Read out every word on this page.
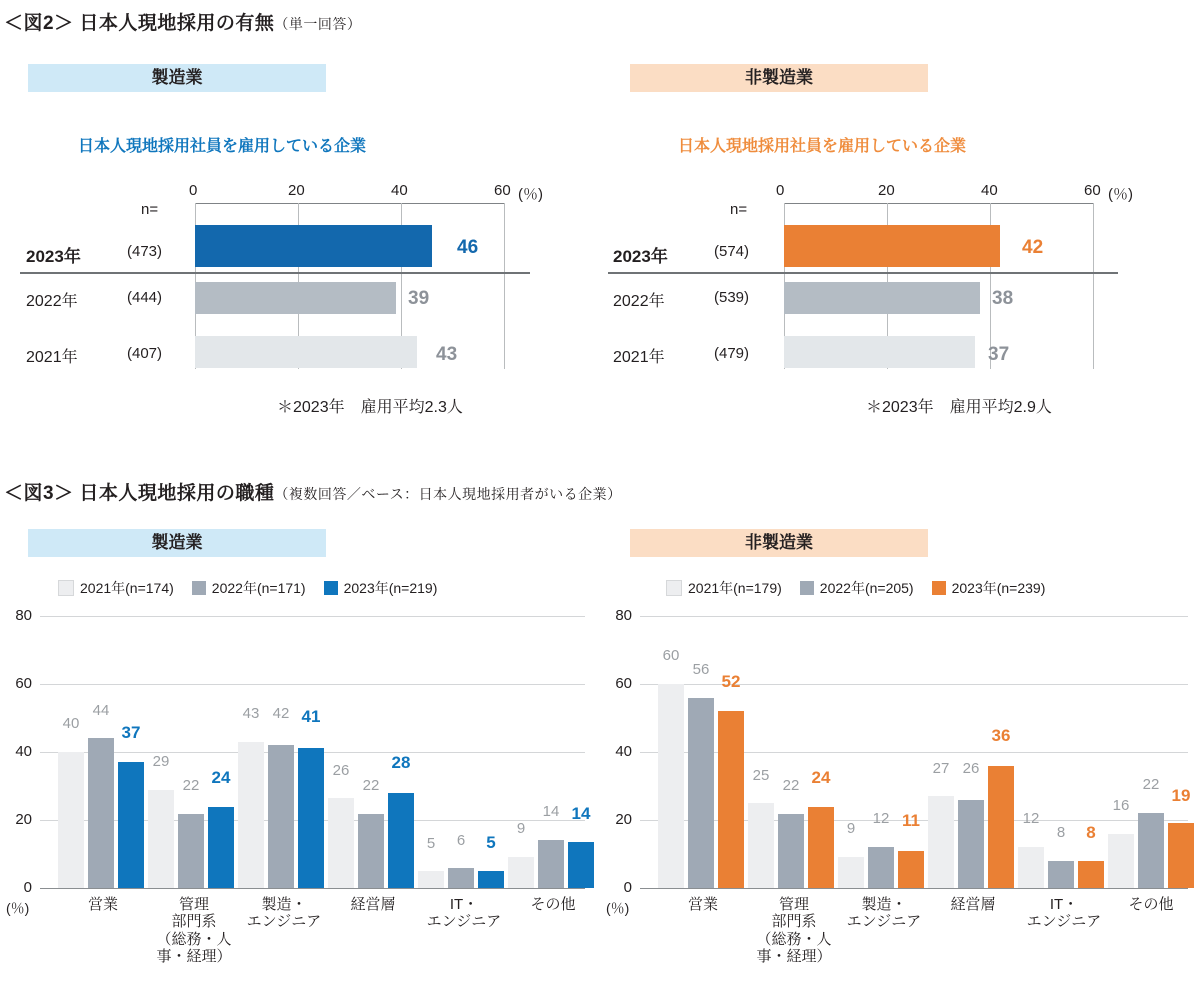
＜図2＞ 日本人現地採用の有無（単一回答）
製造業
日本人現地採用社員を雇用している企業
非製造業
日本人現地採用社員を雇用している企業
0	20	40	60 (％)
n=
2023年	(473)	46
2022年	(444)	39
2021年	(407)	43
＊2023年　雇用平均2.3人
0	20	40	60 (％)
n=
2023年	(574)	42
2022年	(539)	38
2021年	(479)	37
＊2023年　雇用平均2.9人
＜図3＞ 日本人現地採用の職種（複数回答／ベース：日本人現地採用者がいる企業）
製造業	非製造業
2021年(n=174)	2022年(n=171)	2023年(n=219)	2021年(n=179)	2022年(n=205)	2023年(n=239)
80
60
40
20
0
(％)
40
44
37
営業
29
22 24
管理
部門系
（総務・人
事・経理）
43 42 41
製造・
エンジニア
26
22
28
経営層
5	6	5
IT・
エンジニア
9
14 14
その他
80
60
40
20
0
(％)
60
56
52
営業
25
22 24
管理
部門系
（総務・人
事・経理）
9
12 11
製造・
エンジニア
27 26
36
経営層
12
8	8
IT・
エンジニア
16
22
19
その他
